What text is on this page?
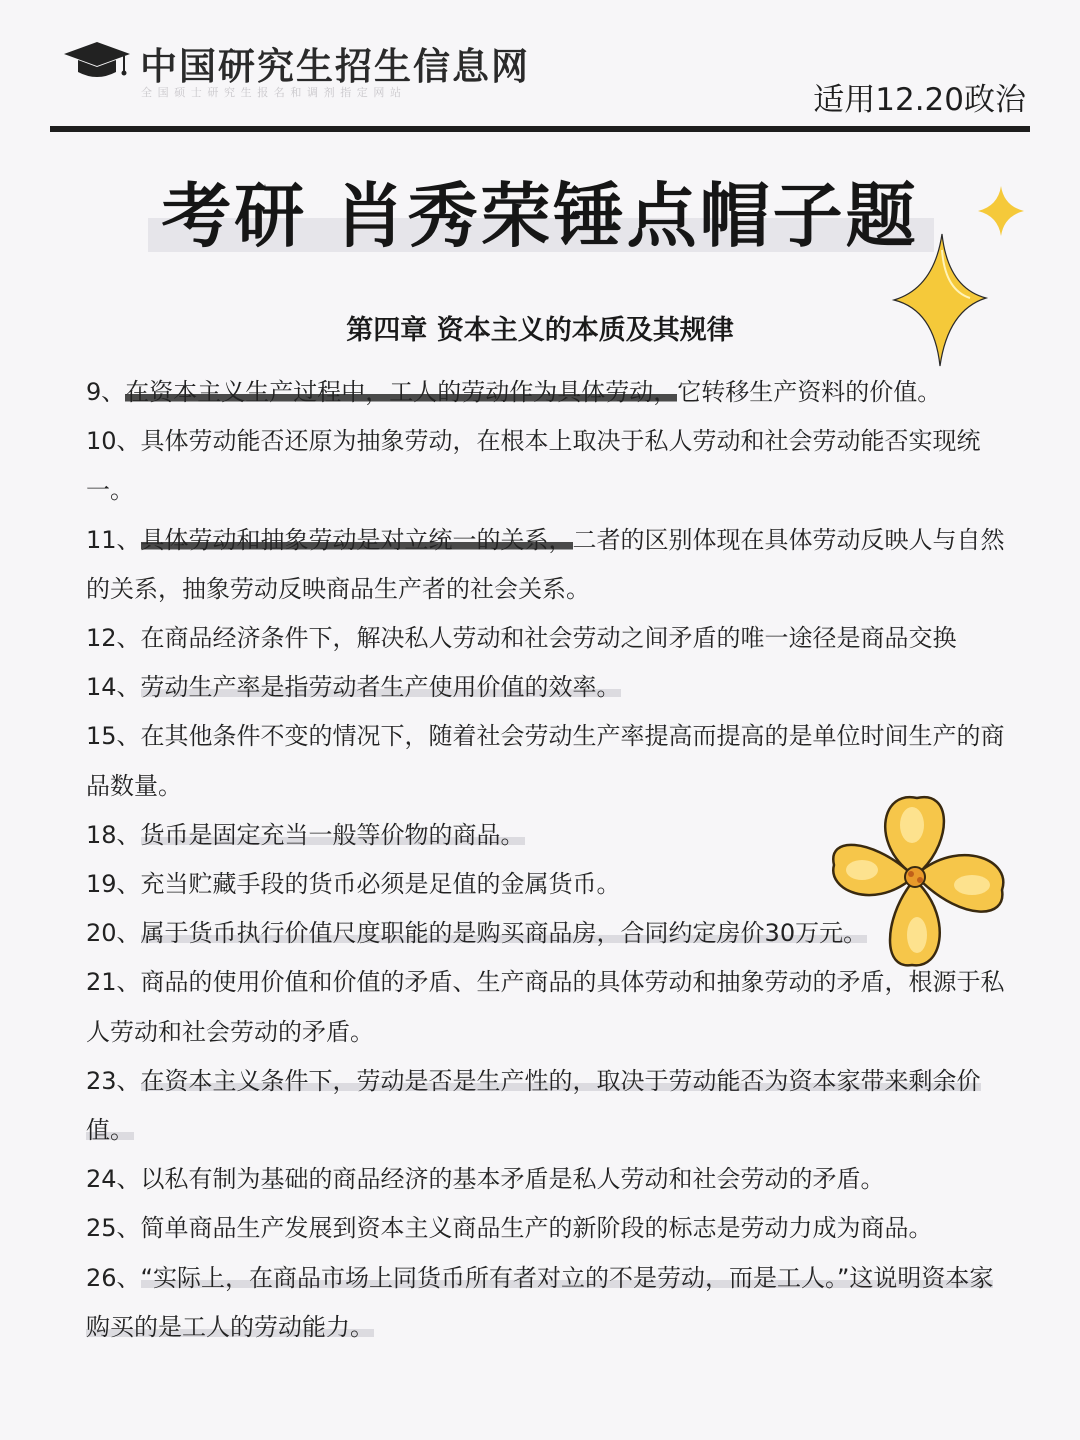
中国研究生招生信息网
全国硕士研究生报名和调剂指定网站	适用12.20政治
考研 肖秀荣锤点帽子题
第四章 资本主义的本质及其规律
9、在资本主义生产过程中，工人的劳动作为具体劳动，它转移生产资料的价值。
10、具体劳动能否还原为抽象劳动，在根本上取决于私人劳动和社会劳动能否实现统一。
11、具体劳动和抽象劳动是对立统一的关系，二者的区别体现在具体劳动反映人与自然的关系，抽象劳动反映商品生产者的社会关系。
12、在商品经济条件下，解决私人劳动和社会劳动之间矛盾的唯一途径是商品交换
14、劳动生产率是指劳动者生产使用价值的效率。
15、在其他条件不变的情况下，随着社会劳动生产率提高而提高的是单位时间生产的商品数量。
18、货币是固定充当一般等价物的商品。
19、充当贮藏手段的货币必须是足值的金属货币。
20、属于货币执行价值尺度职能的是购买商品房，合同约定房价30万元。
21、商品的使用价值和价值的矛盾、生产商品的具体劳动和抽象劳动的矛盾，根源于私人劳动和社会劳动的矛盾。
23、在资本主义条件下，劳动是否是生产性的，取决于劳动能否为资本家带来剩余价值。
24、以私有制为基础的商品经济的基本矛盾是私人劳动和社会劳动的矛盾。
25、简单商品生产发展到资本主义商品生产的新阶段的标志是劳动力成为商品。
26、“实际上，在商品市场上同货币所有者对立的不是劳动，而是工人。”这说明资本家购买的是工人的劳动能力。
